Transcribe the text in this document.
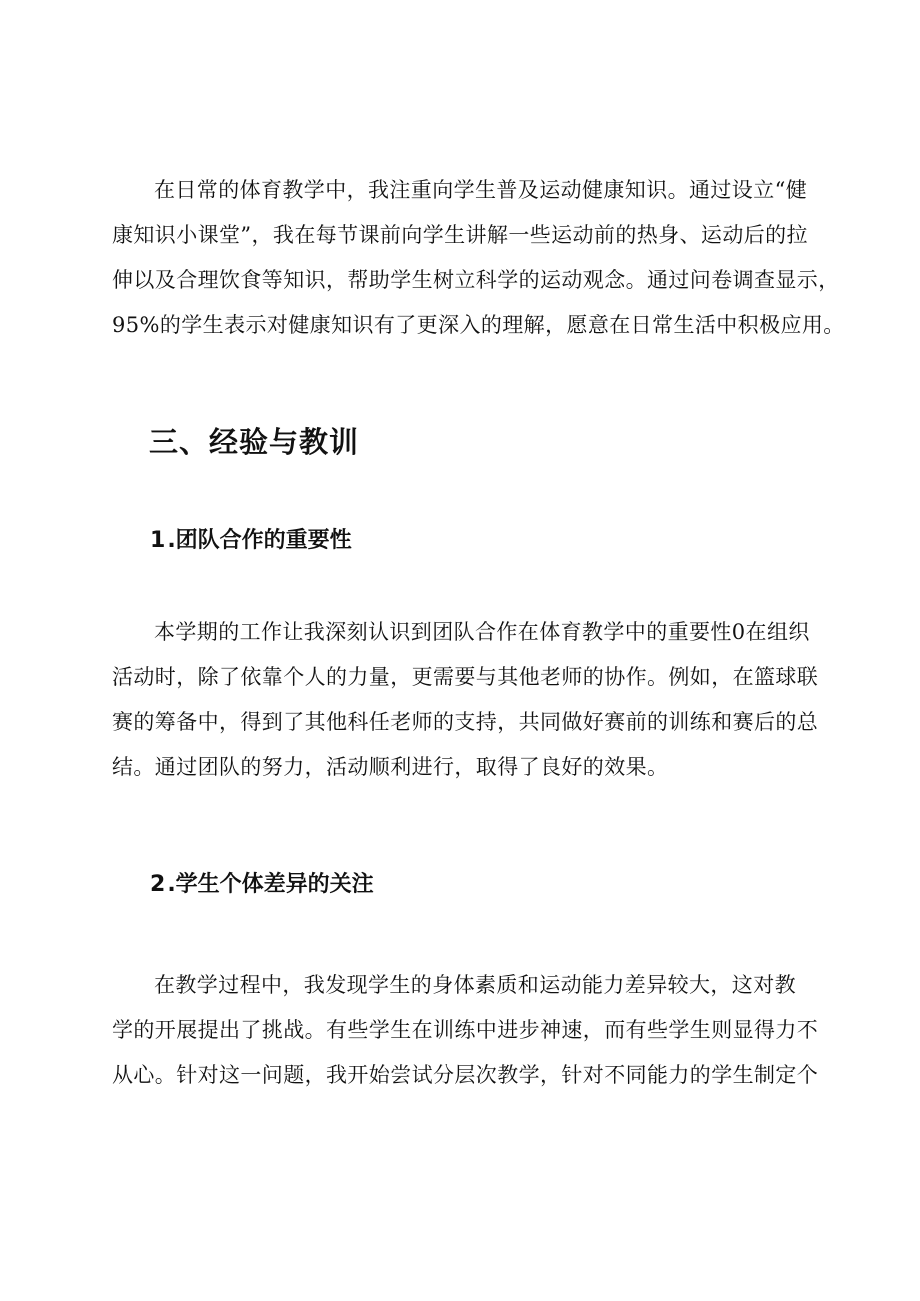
在日常的体育教学中，我注重向学生普及运动健康知识。通过设立“健
康知识小课堂”，我在每节课前向学生讲解一些运动前的热身、运动后的拉
伸以及合理饮食等知识，帮助学生树立科学的运动观念。通过问卷调查显示，
95%的学生表示对健康知识有了更深入的理解，愿意在日常生活中积极应用。

三、经验与教训
1.团队合作的重要性

本学期的工作让我深刻认识到团队合作在体育教学中的重要性0在组织
活动时，除了依靠个人的力量，更需要与其他老师的协作。例如，在篮球联
赛的筹备中，得到了其他科任老师的支持，共同做好赛前的训练和赛后的总
结。通过团队的努力，活动顺利进行，取得了良好的效果。

2.学生个体差异的关注

在教学过程中，我发现学生的身体素质和运动能力差异较大，这对教
学的开展提出了挑战。有些学生在训练中进步神速，而有些学生则显得力不
从心。针对这一问题，我开始尝试分层次教学，针对不同能力的学生制定个
